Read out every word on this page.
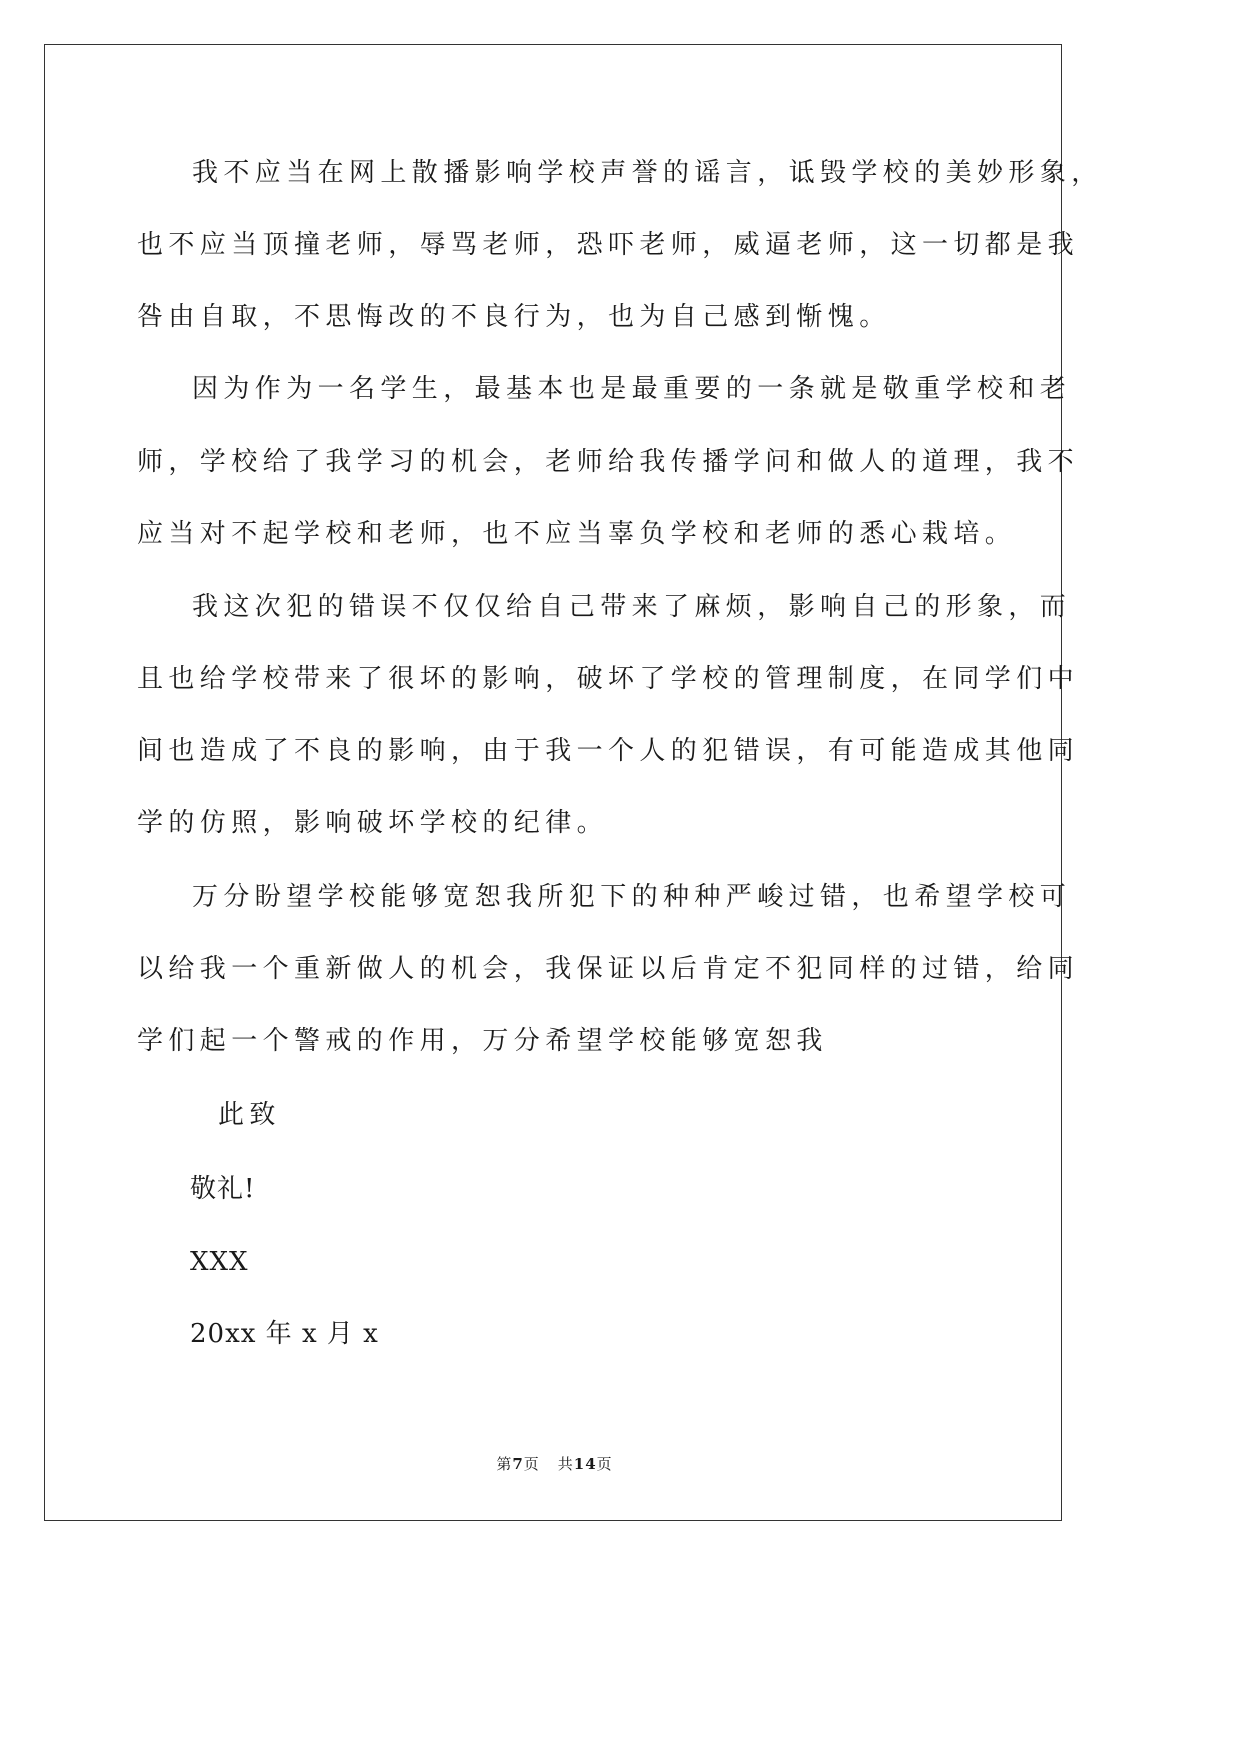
我不应当在网上散播影响学校声誉的谣言，诋毁学校的美妙形象，
也不应当顶撞老师，辱骂老师，恐吓老师，威逼老师，这一切都是我
咎由自取，不思悔改的不良行为，也为自己感到惭愧。
因为作为一名学生，最基本也是最重要的一条就是敬重学校和老
师，学校给了我学习的机会，老师给我传播学问和做人的道理，我不
应当对不起学校和老师，也不应当辜负学校和老师的悉心栽培。
我这次犯的错误不仅仅给自己带来了麻烦，影响自己的形象，而
且也给学校带来了很坏的影响，破坏了学校的管理制度，在同学们中
间也造成了不良的影响，由于我一个人的犯错误，有可能造成其他同
学的仿照，影响破坏学校的纪律。
万分盼望学校能够宽恕我所犯下的种种严峻过错，也希望学校可
以给我一个重新做人的机会，我保证以后肯定不犯同样的过错，给同
学们起一个警戒的作用，万分希望学校能够宽恕我
此致
敬礼!
XXX
20xx 年 x 月 x
第7页 共14页
